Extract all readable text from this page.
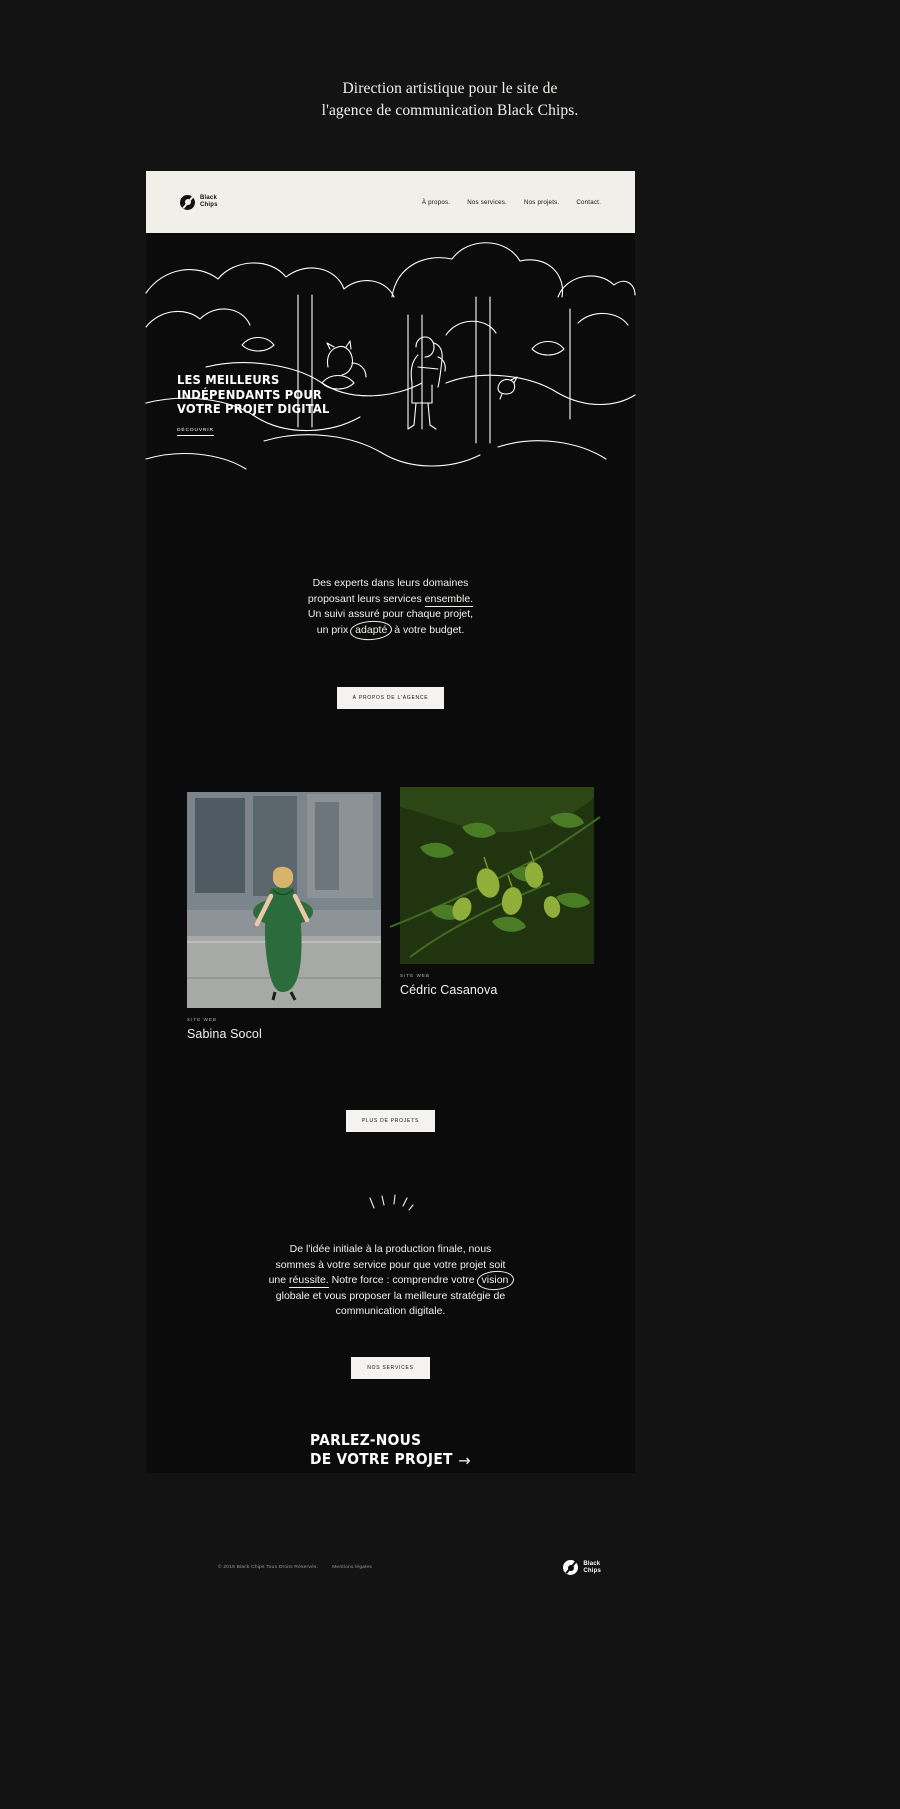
Direction artistique pour le site de
l'agence de communication Black Chips.
Black
Chips	À propos.	Nos services.	Nos projets.	Contact.
LES MEILLEURS
INDÉPENDANTS POUR
VOTRE PROJET DIGITAL
DÉCOUVRIR
Des experts dans leurs domaines
proposant leurs services ensemble.
Un suivi assuré pour chaque projet,
un prix adapté à votre budget.
À PROPOS DE L'AGENCE
SITE WEB
Sabina Socol
SITE WEB
Cédric Casanova
PLUS DE PROJETS
De l'idée initiale à la production finale, nous
sommes à votre service pour que votre projet soit
une réussite. Notre force : comprendre votre vision
globale et vous proposer la meilleure stratégie de
communication digitale.
NOS SERVICES
PARLEZ-NOUS
DE VOTRE PROJET →
© 2019 Black Chips Tous Droits Réservés.	Mentions légales
Black
Chips
